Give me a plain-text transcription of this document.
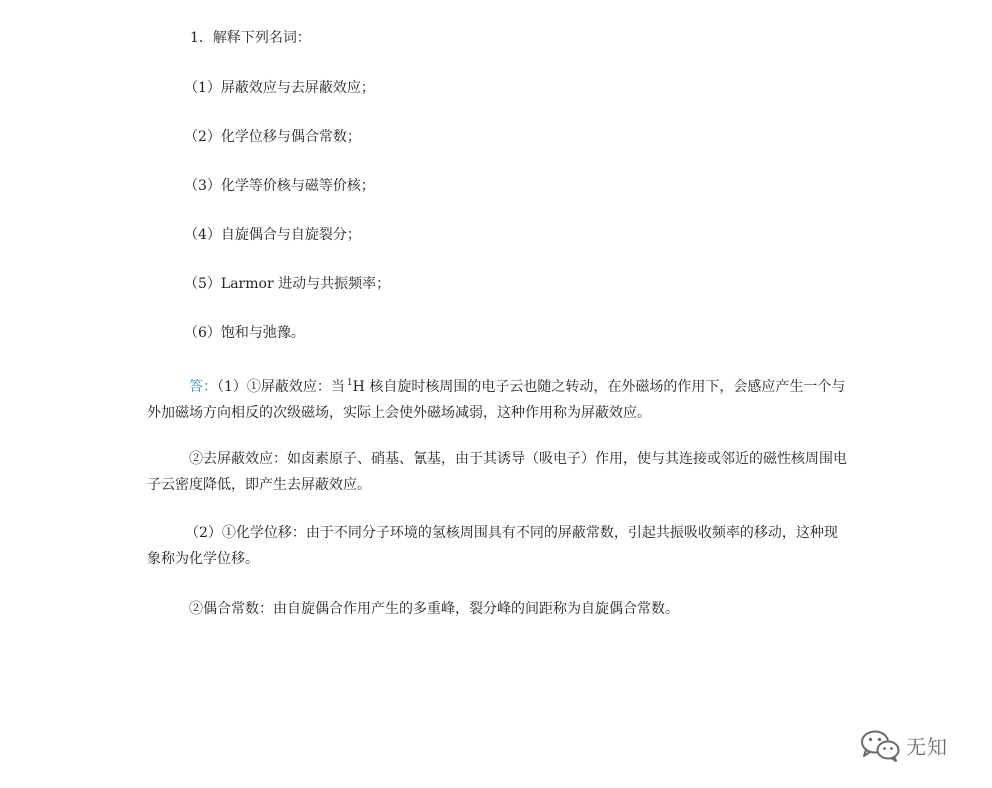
1．解释下列名词：
（1）屏蔽效应与去屏蔽效应；
（2）化学位移与偶合常数；
（3）化学等价核与磁等价核；
（4）自旋偶合与自旋裂分；
（5）Larmor 进动与共振频率；
（6）饱和与弛豫。
答：（1）①屏蔽效应：当 $^1$H 核自旋时核周围的电子云也随之转动，在外磁场的作用下，会感应产生一个与外加磁场方向相反的次级磁场，实际上会使外磁场减弱，这种作用称为屏蔽效应。
②去屏蔽效应：如卤素原子、硝基、氰基，由于其诱导（吸电子）作用，使与其连接或邻近的磁性核周围电子云密度降低，即产生去屏蔽效应。
（2）①化学位移：由于不同分子环境的氢核周围具有不同的屏蔽常数，引起共振吸收频率的移动，这种现象称为化学位移。
②偶合常数：由自旋偶合作用产生的多重峰，裂分峰的间距称为自旋偶合常数。
无知
